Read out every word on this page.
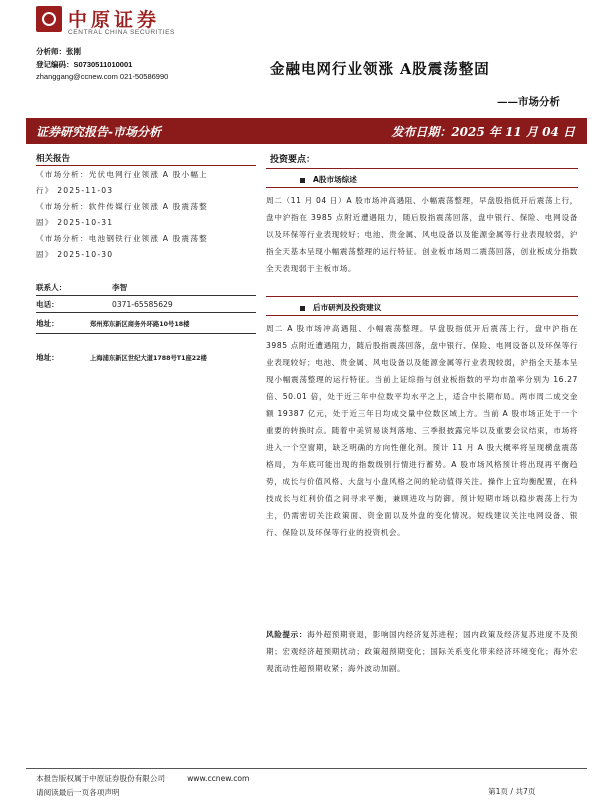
中原证券
CENTRAL CHINA SECURITIES
分析师：张刚
登记编码：S0730511010001
zhanggang@ccnew.com 021-50586990	金融电网行业领涨 A股震荡整固
——市场分析
证券研究报告-市场分析	发布日期：2025 年 11 月 04 日
相关报告
《市场分析：光伏电网行业领涨 A 股小幅上
行》 2025-11-03
《市场分析：软件传媒行业领涨 A 股震荡整
固》 2025-10-31
《市场分析：电池钢铁行业领涨 A 股震荡整
固》 2025-10-30
联系人：	李智
电话：	0371-65585629
地址：	郑州郑东新区商务外环路10号18楼
地址：	上海浦东新区世纪大道1788号T1座22楼
投资要点：
A股市场综述
周二（11 月 04 日）A 股市场冲高遇阻、小幅震荡整理，早盘股指低开后震荡上行，盘中沪指在 3985 点附近遭遇阻力，随后股指震荡回落，盘中银行、保险、电网设备以及环保等行业表现较好；电池、贵金属、风电设备以及能源金属等行业表现较弱，沪指全天基本呈现小幅震荡整理的运行特征。创业板市场周二震荡回落，创业板成分指数全天表现弱于主板市场。
后市研判及投资建议
周二 A 股市场冲高遇阻、小幅震荡整理。早盘股指低开后震荡上行，盘中沪指在 3985 点附近遭遇阻力，随后股指震荡回落，盘中银行、保险、电网设备以及环保等行业表现较好；电池、贵金属、风电设备以及能源金属等行业表现较弱，沪指全天基本呈现小幅震荡整理的运行特征。当前上证综指与创业板指数的平均市盈率分别为 16.27 倍、50.01 倍，处于近三年中位数平均水平之上，适合中长期布局。两市周二成交金额 19387 亿元，处于近三年日均成交量中位数区域上方。当前 A 股市场正处于一个重要的转换时点。随着中美贸易谈判落地、三季报披露完毕以及重要会议结束，市场将进入一个空窗期，缺乏明确的方向性催化剂。预计 11 月 A 股大概率将呈现横盘震荡格局，为年底可能出现的指数级别行情进行蓄势。A 股市场风格预计将出现再平衡趋势，成长与价值风格、大盘与小盘风格之间的轮动值得关注。操作上宜均衡配置，在科技成长与红利价值之间寻求平衡，兼顾进攻与防御。预计短期市场以稳步震荡上行为主，仍需密切关注政策面、资金面以及外盘的变化情况。短线建议关注电网设备、银行、保险以及环保等行业的投资机会。
风险提示：海外超预期衰退，影响国内经济复苏进程；国内政策及经济复苏进度不及预期；宏观经济超预期扰动；政策超预期变化；国际关系变化带来经济环境变化；海外宏观流动性超预期收紧；海外波动加剧。
本报告版权属于中原证券股份有限公司	www.ccnew.com
请阅读最后一页各项声明	第1页 / 共7页
